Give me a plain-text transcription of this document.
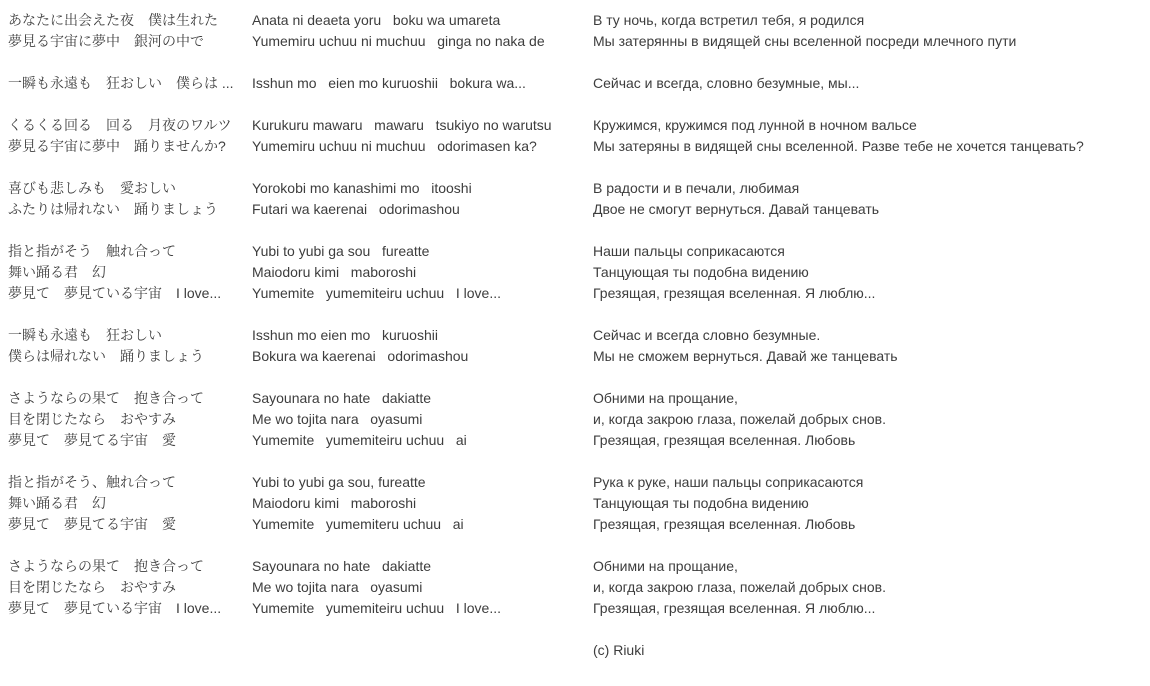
あなたに出会えた夜　僕は生れた
夢見る宇宙に夢中　銀河の中で
Anata ni deaeta yoru   boku wa umareta
Yumemiru uchuu ni muchuu   ginga no naka de
В ту ночь, когда встретил тебя, я родился
Мы затерянны в видящей сны вселенной посреди млечного пути
一瞬も永遠も　狂おしい　僕らは ...	Isshun mo   eien mo kuruoshii   bokura wa...	Сейчас и всегда, словно безумные, мы...
くるくる回る　回る　月夜のワルツ
夢見る宇宙に夢中　踊りませんか?
Kurukuru mawaru   mawaru   tsukiyo no warutsu
Yumemiru uchuu ni muchuu   odorimasen ka?
Кружимся, кружимся под лунной в ночном вальсе
Мы затеряны в видящей сны вселенной. Разве тебе не хочется танцевать?
喜びも悲しみも　愛おしい
ふたりは帰れない　踊りましょう
Yorokobi mo kanashimi mo   itooshi
Futari wa kaerenai   odorimashou
В радости и в печали, любимая
Двое не смогут вернуться. Давай танцевать
指と指がそう　触れ合って
舞い踊る君　幻
夢見て　夢見ている宇宙　I love...
Yubi to yubi ga sou   fureatte
Maiodoru kimi   maboroshi
Yumemite   yumemiteiru uchuu   I love...
Наши пальцы соприкасаются
Танцующая ты подобна видению
Грезящая, грезящая вселенная. Я люблю...
一瞬も永遠も　狂おしい
僕らは帰れない　踊りましょう
Isshun mo eien mo   kuruoshii
Bokura wa kaerenai   odorimashou
Сейчас и всегда словно безумные.
Мы не сможем вернуться. Давай же танцевать
さようならの果て　抱き合って
目を閉じたなら　おやすみ
夢見て　夢見てる宇宙　愛
Sayounara no hate   dakiatte
Me wo tojita nara   oyasumi
Yumemite   yumemiteiru uchuu   ai
Обними на прощание,
и, когда закрою глаза, пожелай добрых снов.
Грезящая, грезящая вселенная. Любовь
指と指がそう、触れ合って
舞い踊る君　幻
夢見て　夢見てる宇宙　愛
Yubi to yubi ga sou, fureatte
Maiodoru kimi   maboroshi
Yumemite   yumemiteru uchuu   ai
Рука к руке, наши пальцы соприкасаются
Танцующая ты подобна видению
Грезящая, грезящая вселенная. Любовь
さようならの果て　抱き合って
目を閉じたなら　おやすみ
夢見て　夢見ている宇宙　I love...
Sayounara no hate   dakiatte
Me wo tojita nara   oyasumi
Yumemite   yumemiteiru uchuu   I love...
Обними на прощание,
и, когда закрою глаза, пожелай добрых снов.
Грезящая, грезящая вселенная. Я люблю...
(c) Riuki
